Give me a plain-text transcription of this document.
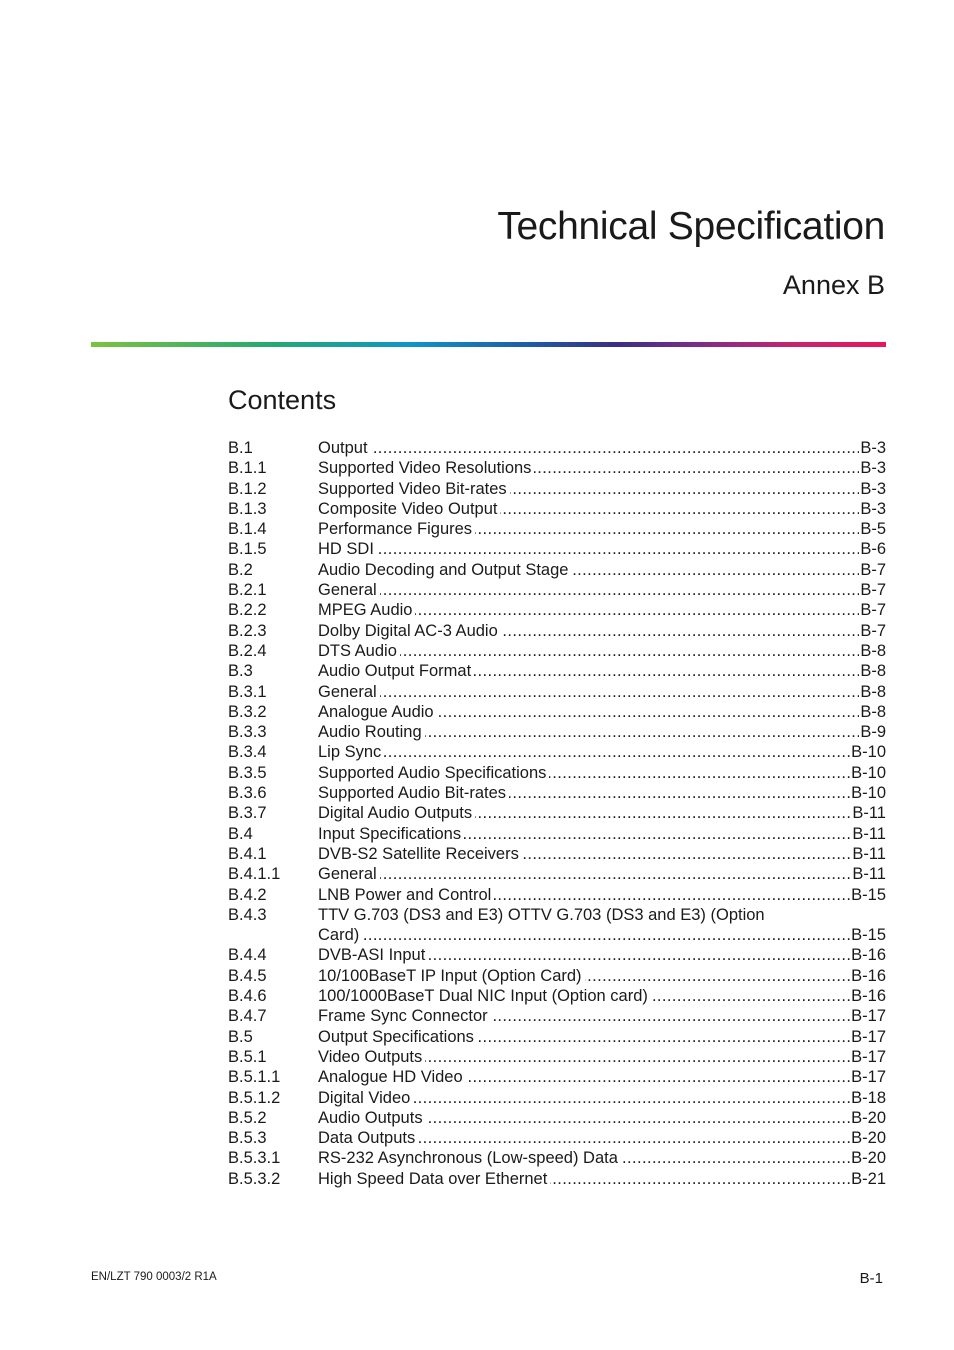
Technical Specification
Annex B
Contents
B.1	Output .....	B-3
B.1.1	Supported Video Resolutions .....	B-3
B.1.2	Supported Video Bit-rates .....	B-3
B.1.3	Composite Video Output .....	B-3
B.1.4	Performance Figures .....	B-5
B.1.5	HD SDI .....	B-6
B.2	Audio Decoding and Output Stage .....	B-7
B.2.1	General .....	B-7
B.2.2	MPEG Audio .....	B-7
B.2.3	Dolby Digital AC-3 Audio .....	B-7
B.2.4	DTS Audio .....	B-8
B.3	Audio Output Format .....	B-8
B.3.1	General .....	B-8
B.3.2	Analogue Audio .....	B-8
B.3.3	Audio Routing .....	B-9
B.3.4	Lip Sync .....	B-10
B.3.5	Supported Audio Specifications .....	B-10
B.3.6	Supported Audio Bit-rates .....	B-10
B.3.7	Digital Audio Outputs .....	B-11
B.4	Input Specifications .....	B-11
B.4.1	DVB-S2 Satellite Receivers .....	B-11
B.4.1.1	General .....	B-11
B.4.2	LNB Power and Control .....	B-15
B.4.3	TTV G.703 (DS3 and E3) OTTV G.703 (DS3 and E3) (Option
Card) .....	B-15
B.4.4	DVB-ASI Input .....	B-16
B.4.5	10/100BaseT IP Input (Option Card) .....	B-16
B.4.6	100/1000BaseT Dual NIC Input (Option card) .....	B-16
B.4.7	Frame Sync Connector .....	B-17
B.5	Output Specifications .....	B-17
B.5.1	Video Outputs .....	B-17
B.5.1.1	Analogue HD Video .....	B-17
B.5.1.2	Digital Video .....	B-18
B.5.2	Audio Outputs .....	B-20
B.5.3	Data Outputs .....	B-20
B.5.3.1	RS-232 Asynchronous (Low-speed) Data .....	B-20
B.5.3.2	High Speed Data over Ethernet .....	B-21
EN/LZT 790 0003/2 R1A	B-1
